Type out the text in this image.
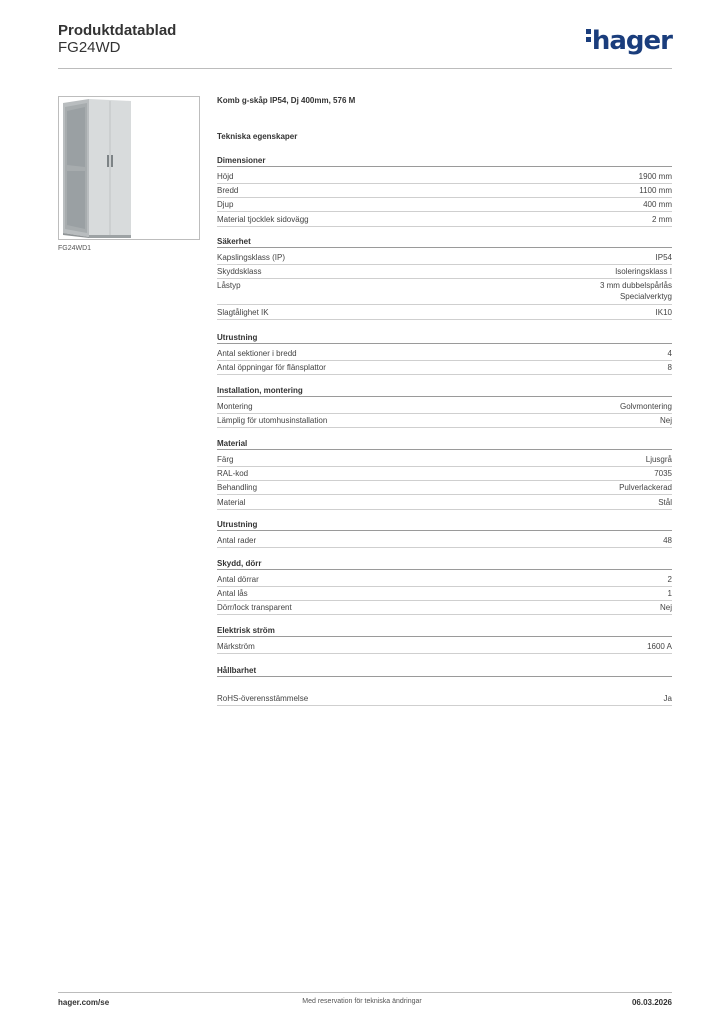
Produktdatablad
FG24WD	hager
FG24WD1
Komb g-skåp IP54, Dj 400mm, 576 M
Tekniska egenskaper
Dimensioner
Höjd	1900 mm
Bredd	1100 mm
Djup	400 mm
Material tjocklek sidovägg	2 mm
Säkerhet
Kapslingsklass (IP)	IP54
Skyddsklass	Isoleringsklass I
Låstyp	3 mm dubbelspårlås
Specialverktyg
Slagtålighet IK	IK10
Utrustning
Antal sektioner i bredd	4
Antal öppningar för flänsplattor	8
Installation, montering
Montering	Golvmontering
Lämplig för utomhusinstallation	Nej
Material
Färg	Ljusgrå
RAL-kod	7035
Behandling	Pulverlackerad
Material	Stål
Utrustning
Antal rader	48
Skydd, dörr
Antal dörrar	2
Antal lås	1
Dörr/lock transparent	Nej
Elektrisk ström
Märkström	1600 A
Hållbarhet
RoHS-överensstämmelse	Ja
hager.com/se	Med reservation för tekniska ändringar	06.03.2026
